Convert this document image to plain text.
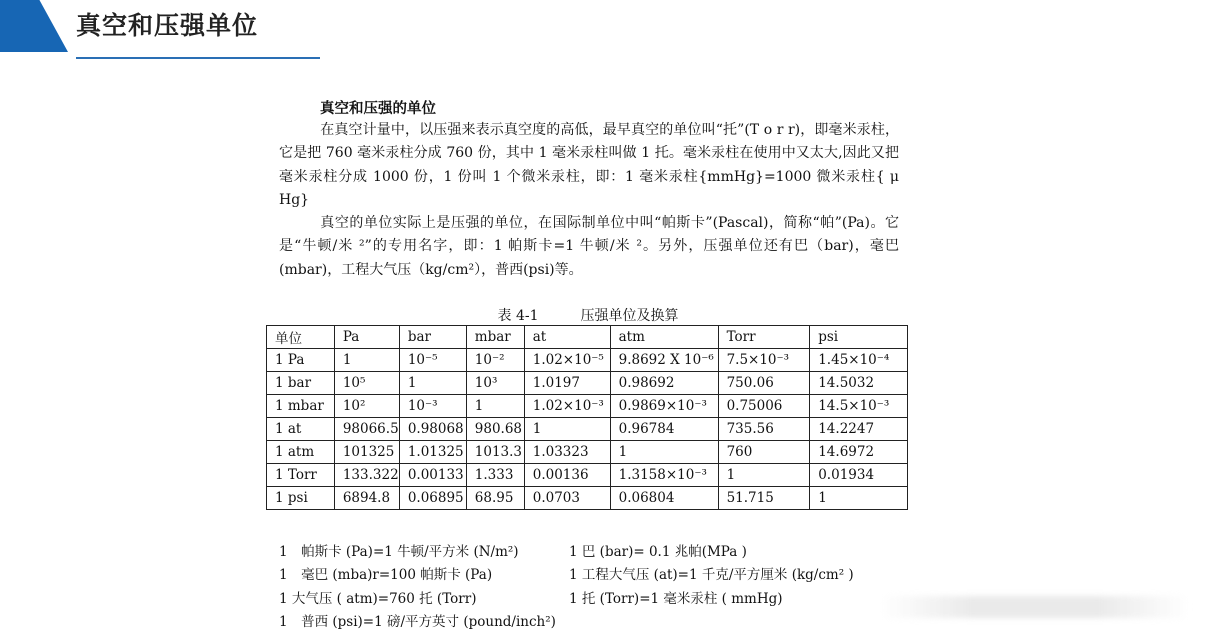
真空和压强单位
真空和压强的单位

在真空计量中，以压强来表示真空度的高低，最早真空的单位叫“托”(T o r r)，即毫米汞柱，它是把 760 毫米汞柱分成 760 份，其中 1 毫米汞柱叫做 1 托。毫米汞柱在使用中又太大,因此又把毫米汞柱分成 1000 份，1 份叫 1 个微米汞柱，即：1 毫米汞柱{mmHg}=1000 微米汞柱{ μ Hg}

真空的单位实际上是压强的单位，在国际制单位中叫“帕斯卡”(Pascal)，简称“帕”(Pa)。它是“牛顿/米 ²”的专用名字，即：1 帕斯卡=1 牛顿/米 ²。另外，压强单位还有巴（bar)，毫巴(mbar)，工程大气压（kg/cm²），普西(psi)等。

表 4-1　　　压强单位及换算
单位	Pa	bar	mbar	at	atm	Torr	psi
1 Pa	1	10⁻⁵	10⁻²	1.02×10⁻⁵	9.8692 X 10⁻⁶	7.5×10⁻³	1.45×10⁻⁴
1 bar	10⁵	1	10³	1.0197	0.98692	750.06	14.5032
1 mbar	10²	10⁻³	1	1.02×10⁻³	0.9869×10⁻³	0.75006	14.5×10⁻³
1 at	98066.5	0.98068	980.68	1	0.96784	735.56	14.2247
1 atm	101325	1.01325	1013.3	1.03323	1	760	14.6972
1 Torr	133.322	0.00133	1.333	0.00136	1.3158×10⁻³	1	0.01934
1 psi	6894.8	0.06895	68.95	0.0703	0.06804	51.715	1
1　帕斯卡 (Pa)=1 牛顿/平方米 (N/m²)	1 巴 (bar)= 0.1 兆帕(MPa )
1　毫巴 (mba)r=100 帕斯卡 (Pa)	1 工程大气压 (at)=1 千克/平方厘米 (kg/cm² )
1 大气压 ( atm)=760 托 (Torr)	1 托 (Torr)=1 毫米汞柱 ( mmHg)
1　普西 (psi)=1 磅/平方英寸 (pound/inch²)
